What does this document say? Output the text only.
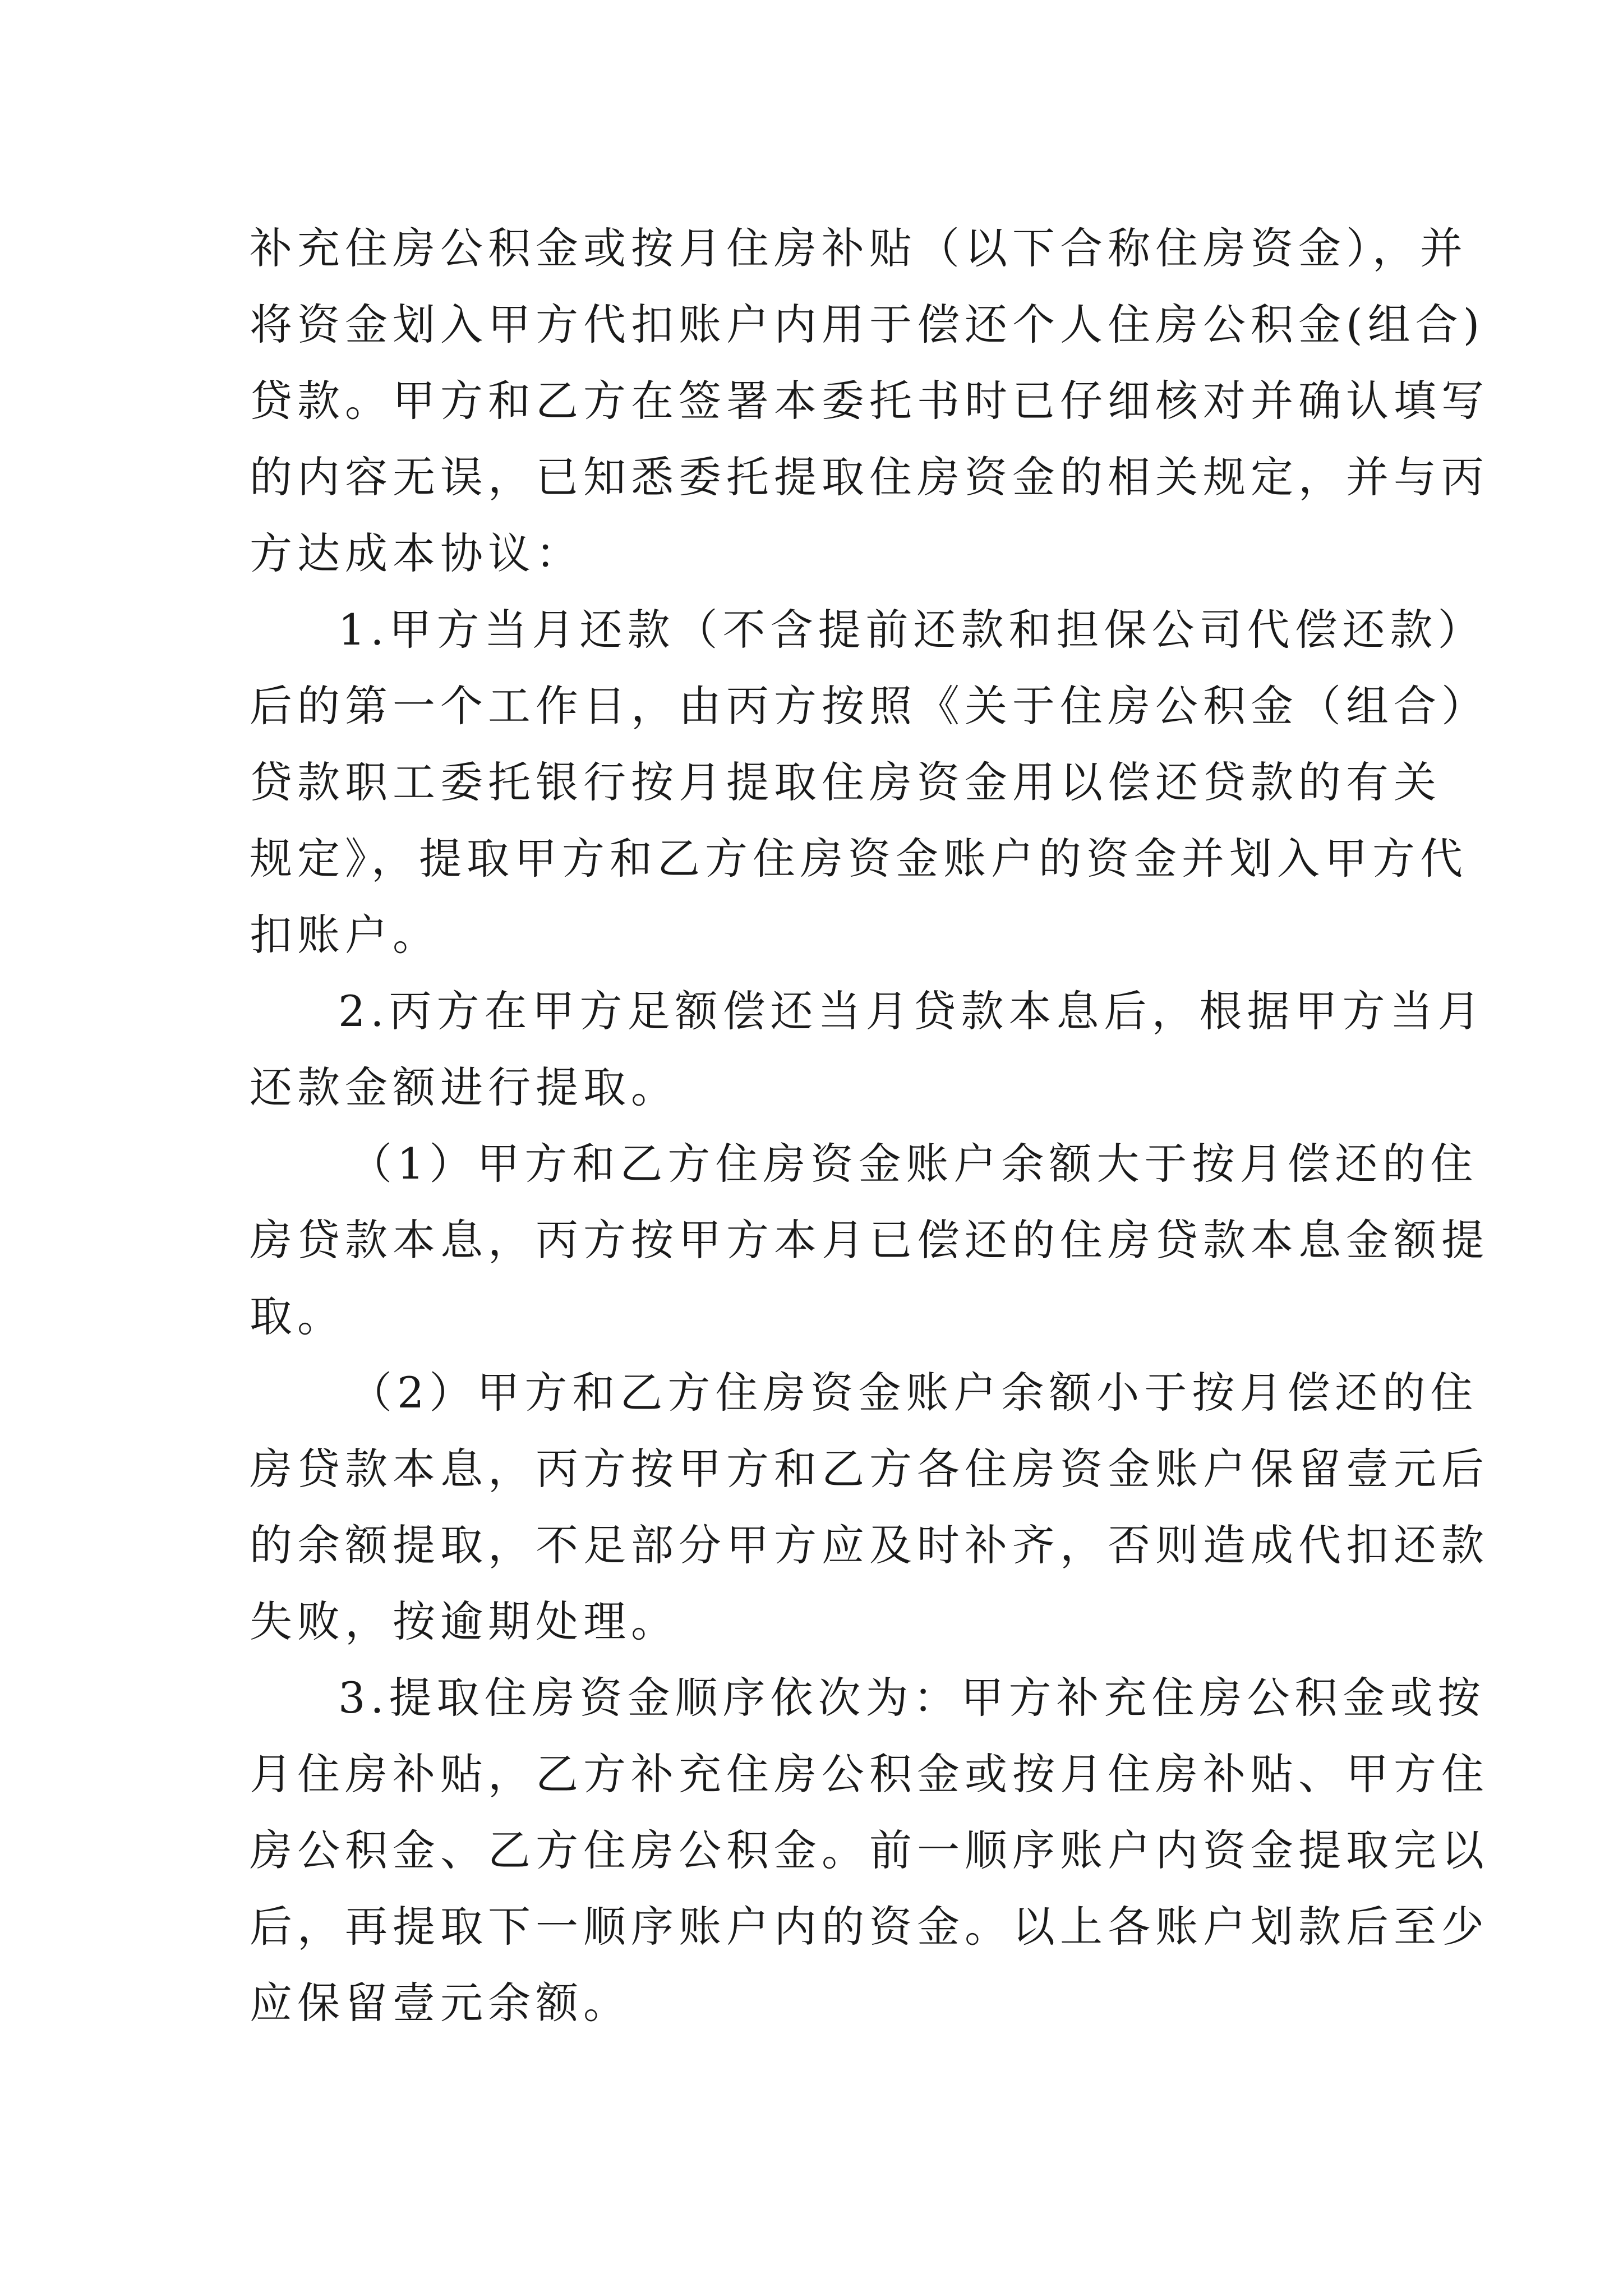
补充住房公积金或按月住房补贴（以下合称住房资金），并
将资金划入甲方代扣账户内用于偿还个人住房公积金(组合)
贷款。甲方和乙方在签署本委托书时已仔细核对并确认填写
的内容无误，已知悉委托提取住房资金的相关规定，并与丙
方达成本协议：
1.甲方当月还款（不含提前还款和担保公司代偿还款）
后的第一个工作日，由丙方按照《关于住房公积金（组合）
贷款职工委托银行按月提取住房资金用以偿还贷款的有关
规定》，提取甲方和乙方住房资金账户的资金并划入甲方代
扣账户。
2.丙方在甲方足额偿还当月贷款本息后，根据甲方当月
还款金额进行提取。
（1）甲方和乙方住房资金账户余额大于按月偿还的住
房贷款本息，丙方按甲方本月已偿还的住房贷款本息金额提
取。
（2）甲方和乙方住房资金账户余额小于按月偿还的住
房贷款本息，丙方按甲方和乙方各住房资金账户保留壹元后
的余额提取，不足部分甲方应及时补齐，否则造成代扣还款
失败，按逾期处理。
3.提取住房资金顺序依次为：甲方补充住房公积金或按
月住房补贴，乙方补充住房公积金或按月住房补贴、甲方住
房公积金、乙方住房公积金。前一顺序账户内资金提取完以
后，再提取下一顺序账户内的资金。以上各账户划款后至少
应保留壹元余额。
